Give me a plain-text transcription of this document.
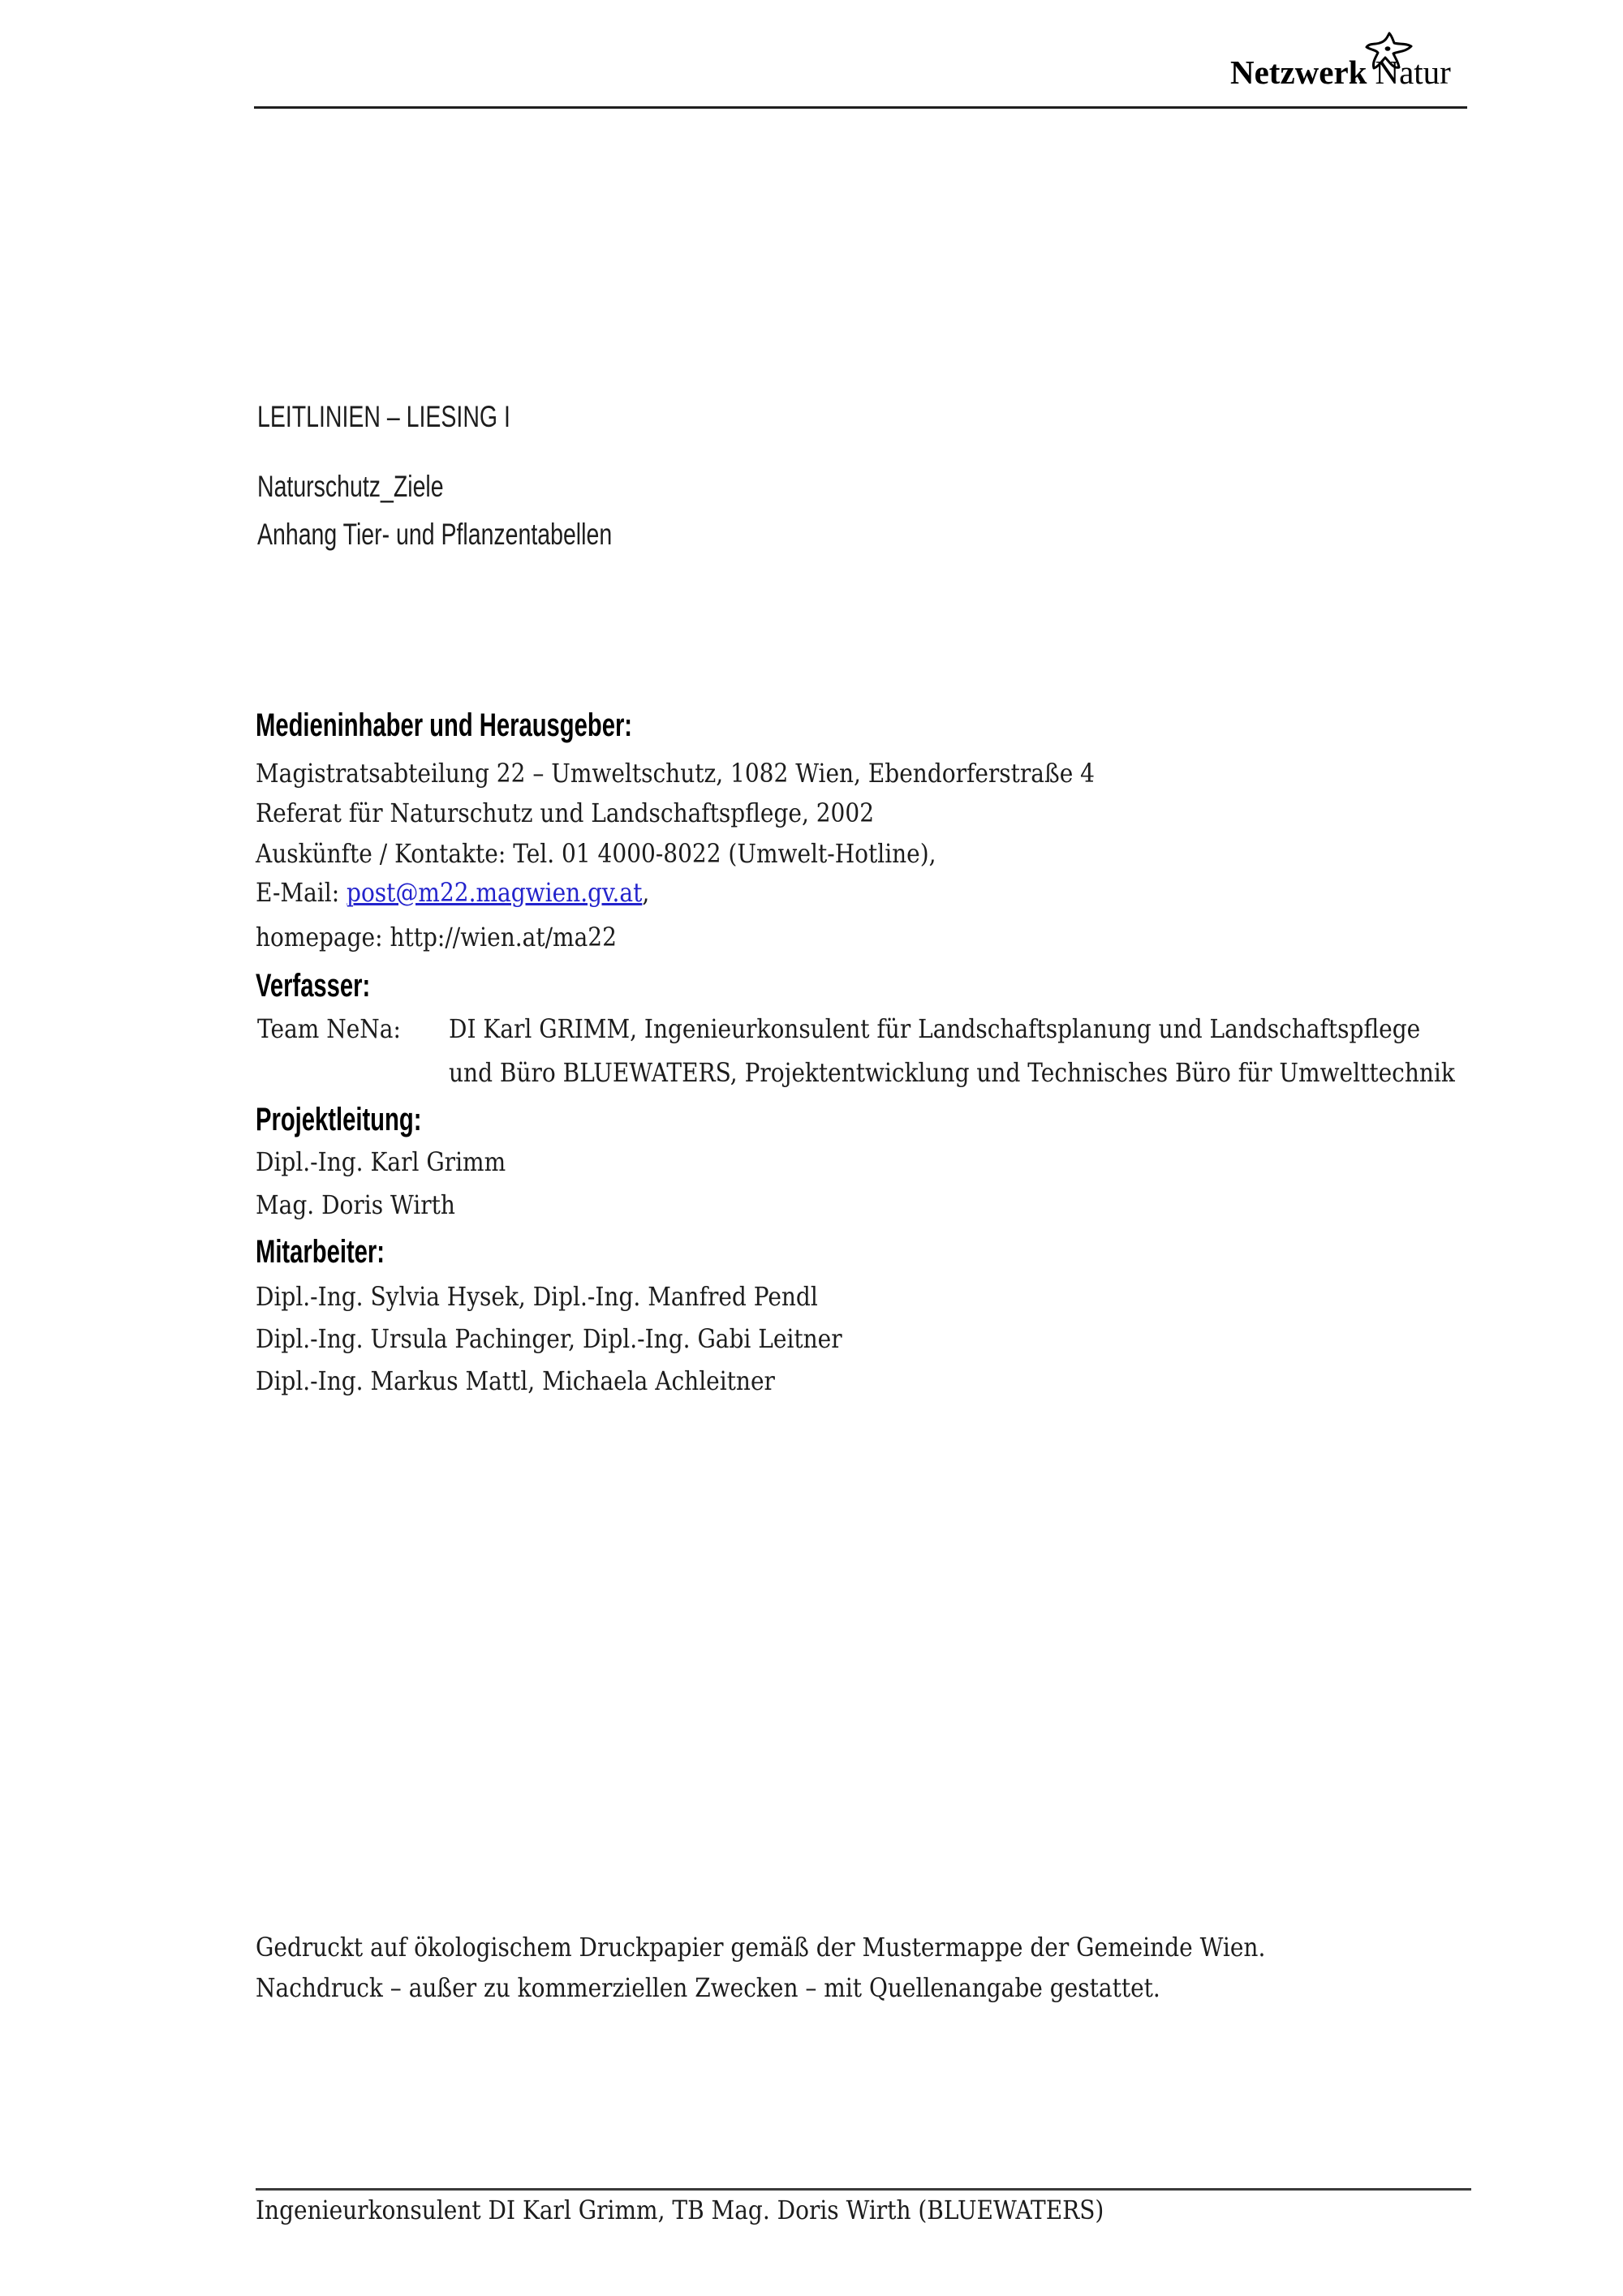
Netzwerk Natur
LEITLINIEN – LIESING I
Naturschutz_Ziele
Anhang Tier- und Pflanzentabellen
Medieninhaber und Herausgeber:
Magistratsabteilung 22 – Umweltschutz, 1082 Wien, Ebendorferstraße 4
Referat für Naturschutz und Landschaftspflege, 2002
Auskünfte / Kontakte: Tel. 01 4000-8022 (Umwelt-Hotline),
E-Mail: post@m22.magwien.gv.at,
homepage: http://wien.at/ma22
Verfasser:
Team NeNa: DI Karl GRIMM, Ingenieurkonsulent für Landschaftsplanung und Landschaftspflege
und Büro BLUEWATERS, Projektentwicklung und Technisches Büro für Umwelttechnik
Projektleitung:
Dipl.-Ing. Karl Grimm
Mag. Doris Wirth
Mitarbeiter:
Dipl.-Ing. Sylvia Hysek, Dipl.-Ing. Manfred Pendl
Dipl.-Ing. Ursula Pachinger, Dipl.-Ing. Gabi Leitner
Dipl.-Ing. Markus Mattl, Michaela Achleitner
Gedruckt auf ökologischem Druckpapier gemäß der Mustermappe der Gemeinde Wien.
Nachdruck – außer zu kommerziellen Zwecken – mit Quellenangabe gestattet.
Ingenieurkonsulent DI Karl Grimm, TB Mag. Doris Wirth (BLUEWATERS)
